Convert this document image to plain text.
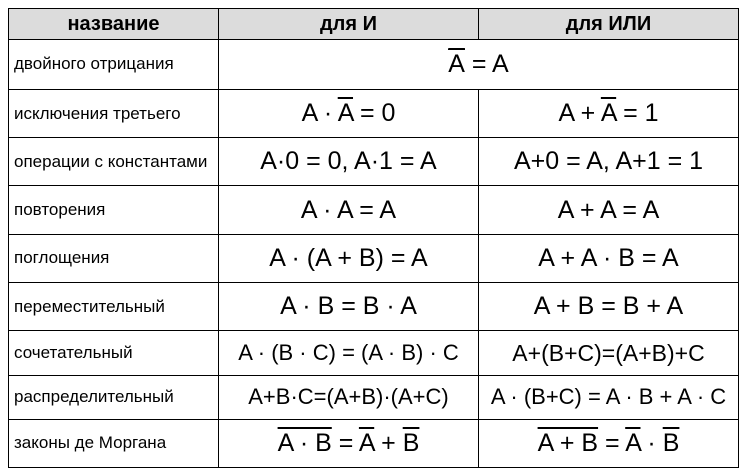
название	для И	для ИЛИ
двойного отрицания	$\overline{A} = A$	
исключения третьего	$A \cdot \overline{A} = 0$	$A + \overline{A} = 1$
операции с константами	A·0 = 0, A·1 = A	A+0 = A, A+1 = 1
повторения	A · A = A	A + A = A
поглощения	A · (A + B) = A	A + A · B = A
переместительный	A · B = B · A	A + B = B + A
сочетательный	A · (B · C) = (A · B) · C	A+(B+C)=(A+B)+C
распределительный	A+B·C=(A+B)·(A+C)	A · (B+C) = A · B + A · C
законы де Моргана	$A \cdot B = \overline{A} + \overline{B}$	$A + B = \overline{A} \cdot \overline{B}$
